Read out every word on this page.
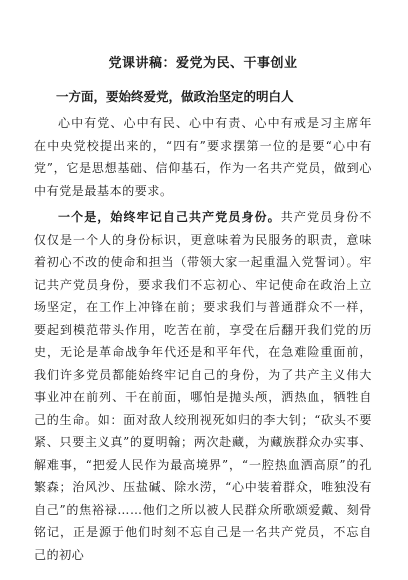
党课讲稿：爱党为民、干事创业
一方面，要始终爱党，做政治坚定的明白人

心中有党、心中有民、心中有责、心中有戒是习主席年在中央党校提出来的，“四有”要求摆第一位的是要“心中有党”，它是思想基础、信仰基石，作为一名共产党员，做到心中有党是最基本的要求。

一个是，始终牢记自己共产党员身份。共产党员身份不仅仅是一个人的身份标识，更意味着为民服务的职责，意味着初心不改的使命和担当（带领大家一起重温入党誓词）。牢记共产党员身份，要求我们不忘初心、牢记使命在政治上立场坚定，在工作上冲锋在前；要求我们与普通群众不一样，要起到模范带头作用，吃苦在前，享受在后翻开我们党的历史，无论是革命战争年代还是和平年代，在急难险重面前，我们许多党员都能始终牢记自己的身份，为了共产主义伟大事业冲在前列、干在前面，哪怕是抛头颅，洒热血，牺牲自己的生命。如：面对敌人绞刑视死如归的李大钊；“砍头不要紧、只要主义真”的夏明翰；两次赴藏，为藏族群众办实事、解难事，“把爱人民作为最高境界”，“一腔热血洒高原”的孔繁森；治风沙、压盐碱、除水涝，“心中装着群众，唯独没有自己”的焦裕禄……他们之所以被人民群众所歌颂爱戴、刻骨铭记，正是源于他们时刻不忘自己是一名共产党员，不忘自己的初心
